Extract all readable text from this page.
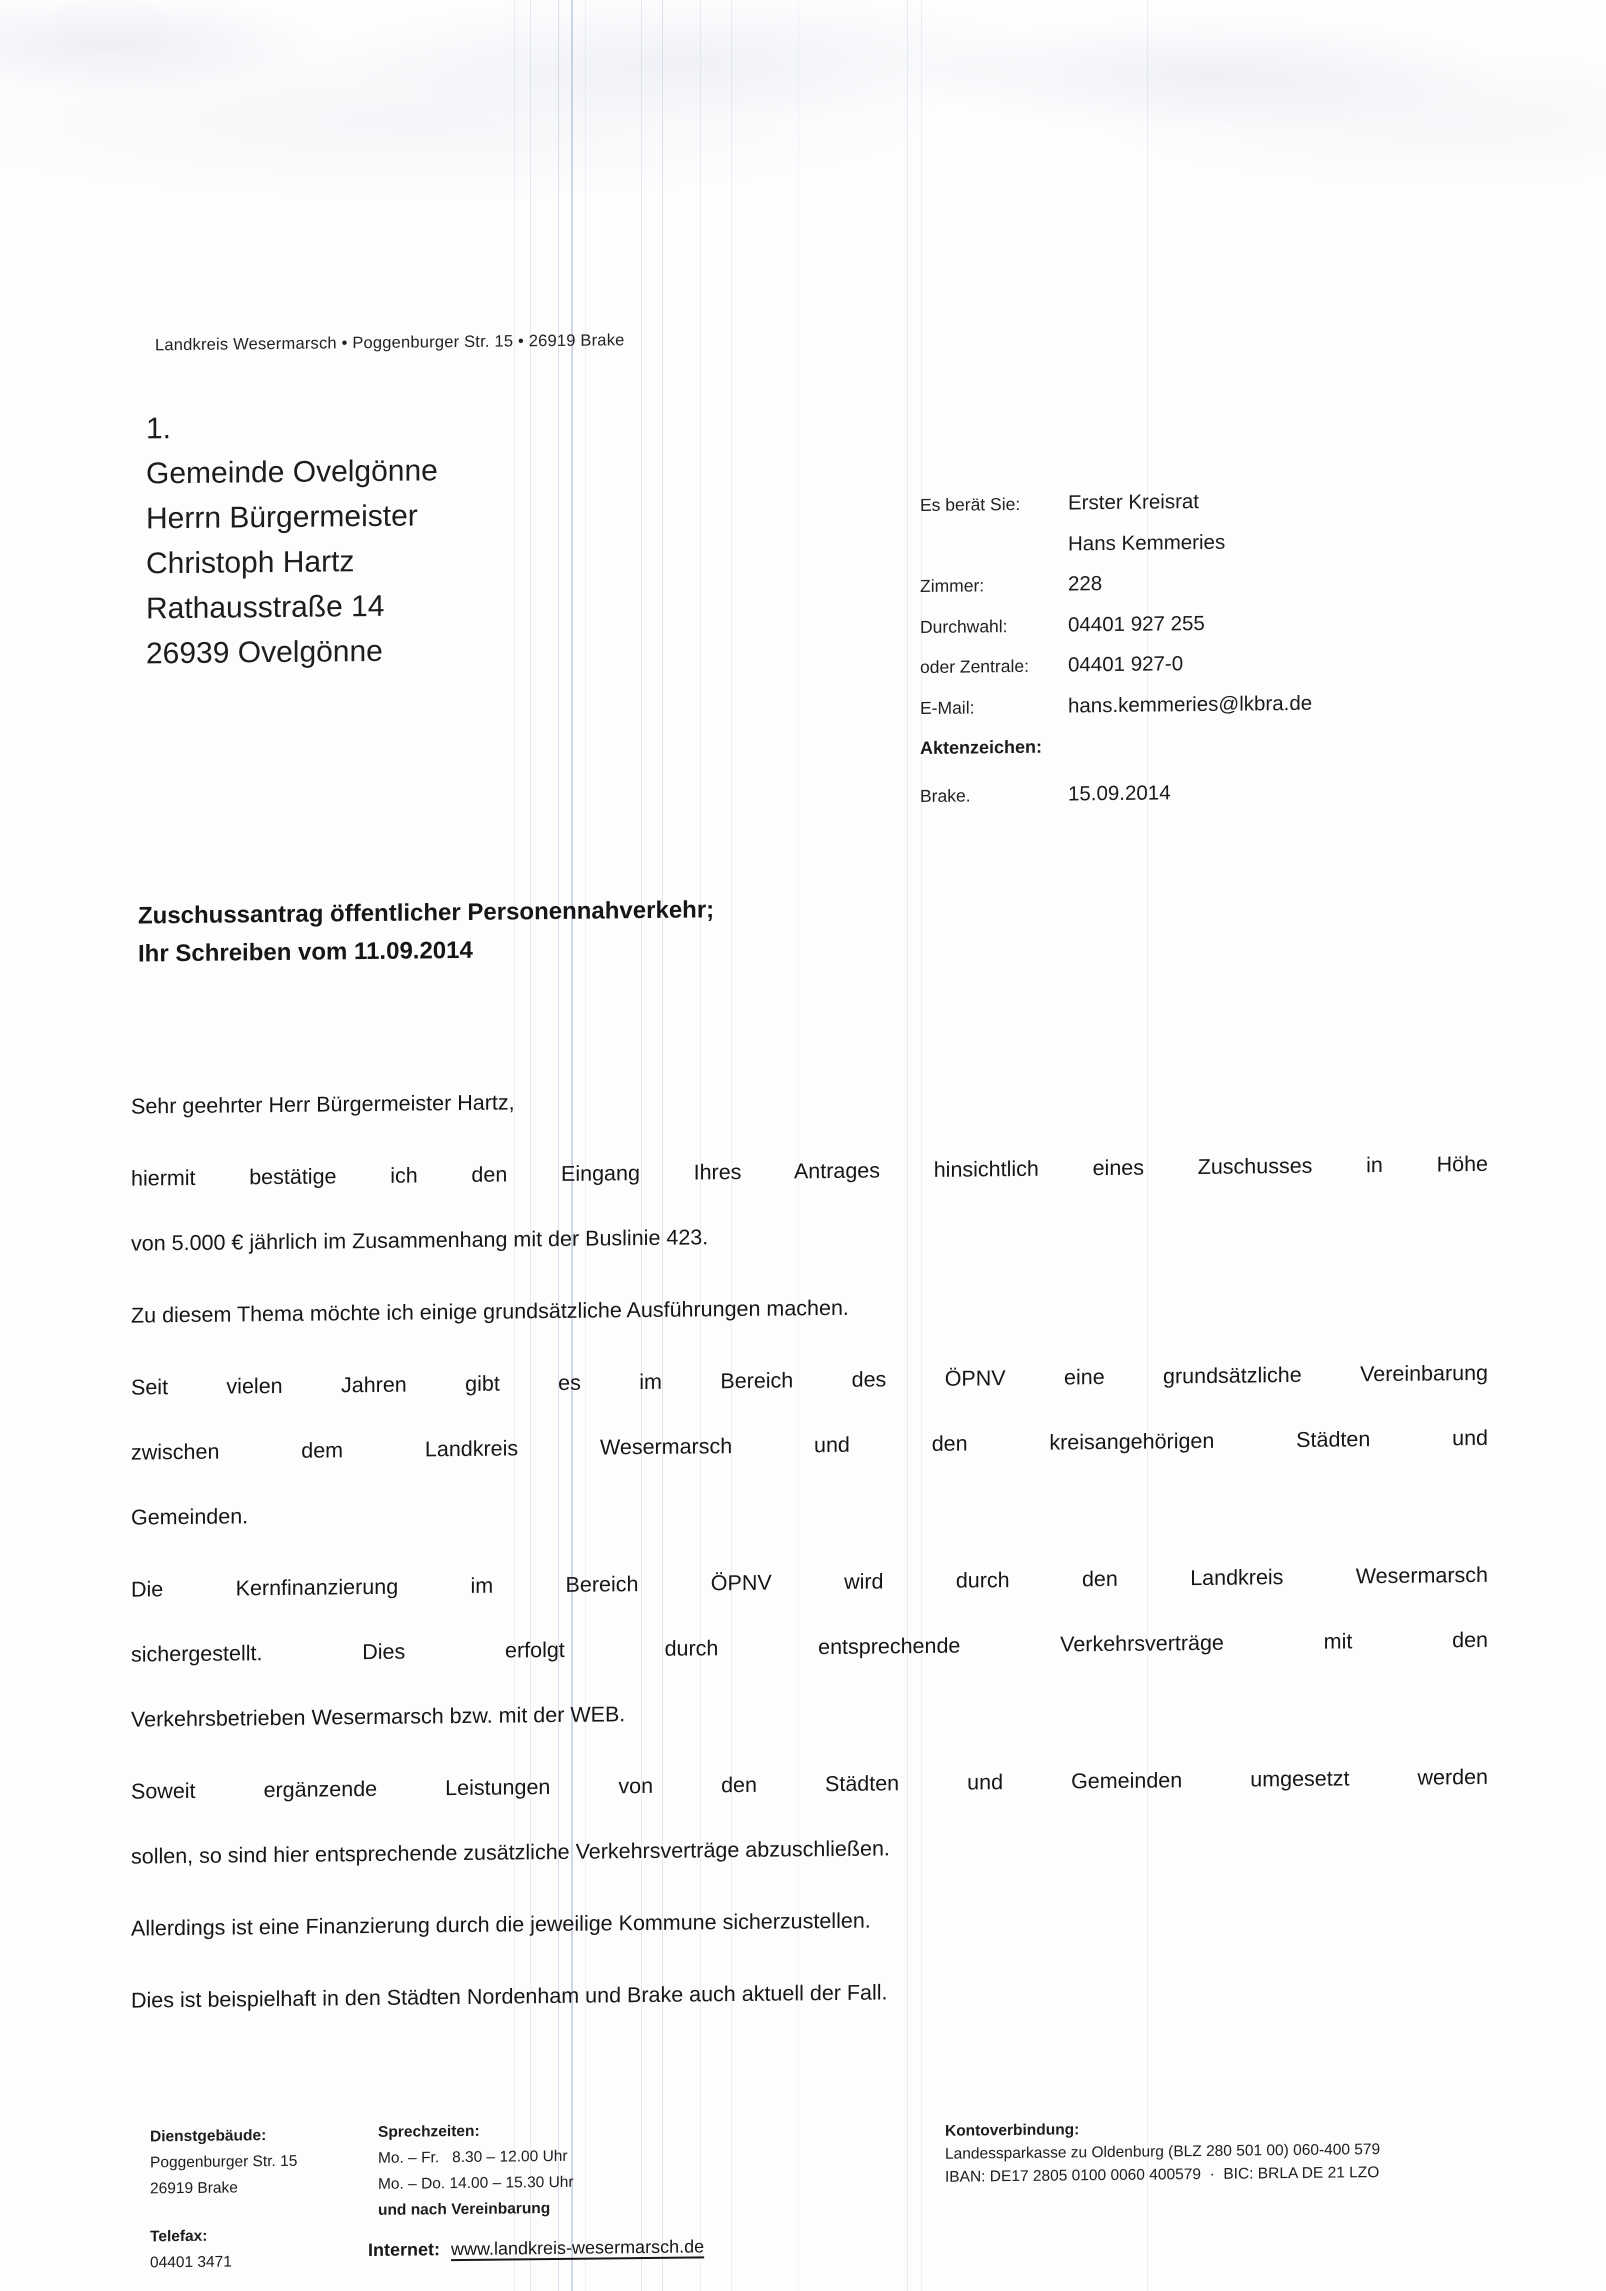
Landkreis Wesermarsch • Poggenburger Str. 15 • 26919 Brake
1.
Gemeinde Ovelgönne
Herrn Bürgermeister
Christoph Hartz
Rathausstraße 14
26939 Ovelgönne
Es berät Sie:	Erster Kreisrat
Hans Kemmeries
Zimmer:	228
Durchwahl:	04401 927 255
oder Zentrale:	04401 927-0
E-Mail:	hans.kemmeries@lkbra.de
Aktenzeichen:
Brake.	15.09.2014
Zuschussantrag öffentlicher Personennahverkehr;
Ihr Schreiben vom 11.09.2014
Sehr geehrter Herr Bürgermeister Hartz,
hiermit bestätige ich den Eingang Ihres Antrages hinsichtlich eines Zuschusses in Höhe
von 5.000 € jährlich im Zusammenhang mit der Buslinie 423.
Zu diesem Thema möchte ich einige grundsätzliche Ausführungen machen.
Seit vielen Jahren gibt es im Bereich des ÖPNV eine grundsätzliche Vereinbarung
zwischen dem Landkreis Wesermarsch und den kreisangehörigen Städten und
Gemeinden.
Die Kernfinanzierung im Bereich ÖPNV wird durch den Landkreis Wesermarsch
sichergestellt. Dies erfolgt durch entsprechende Verkehrsverträge mit den
Verkehrsbetrieben Wesermarsch bzw. mit der WEB.
Soweit ergänzende Leistungen von den Städten und Gemeinden umgesetzt werden
sollen, so sind hier entsprechende zusätzliche Verkehrsverträge abzuschließen.
Allerdings ist eine Finanzierung durch die jeweilige Kommune sicherzustellen.
Dies ist beispielhaft in den Städten Nordenham und Brake auch aktuell der Fall.
Dienstgebäude:
Poggenburger Str. 15
26919 Brake
Telefax:
04401 3471
Sprechzeiten:
Mo. – Fr.   8.30 – 12.00 Uhr
Mo. – Do. 14.00 – 15.30 Uhr
und nach Vereinbarung
Internet: www.landkreis-wesermarsch.de
Kontoverbindung:
Landessparkasse zu Oldenburg (BLZ 280 501 00) 060-400 579
IBAN: DE17 2805 0100 0060 400579  ·  BIC: BRLA DE 21 LZO
